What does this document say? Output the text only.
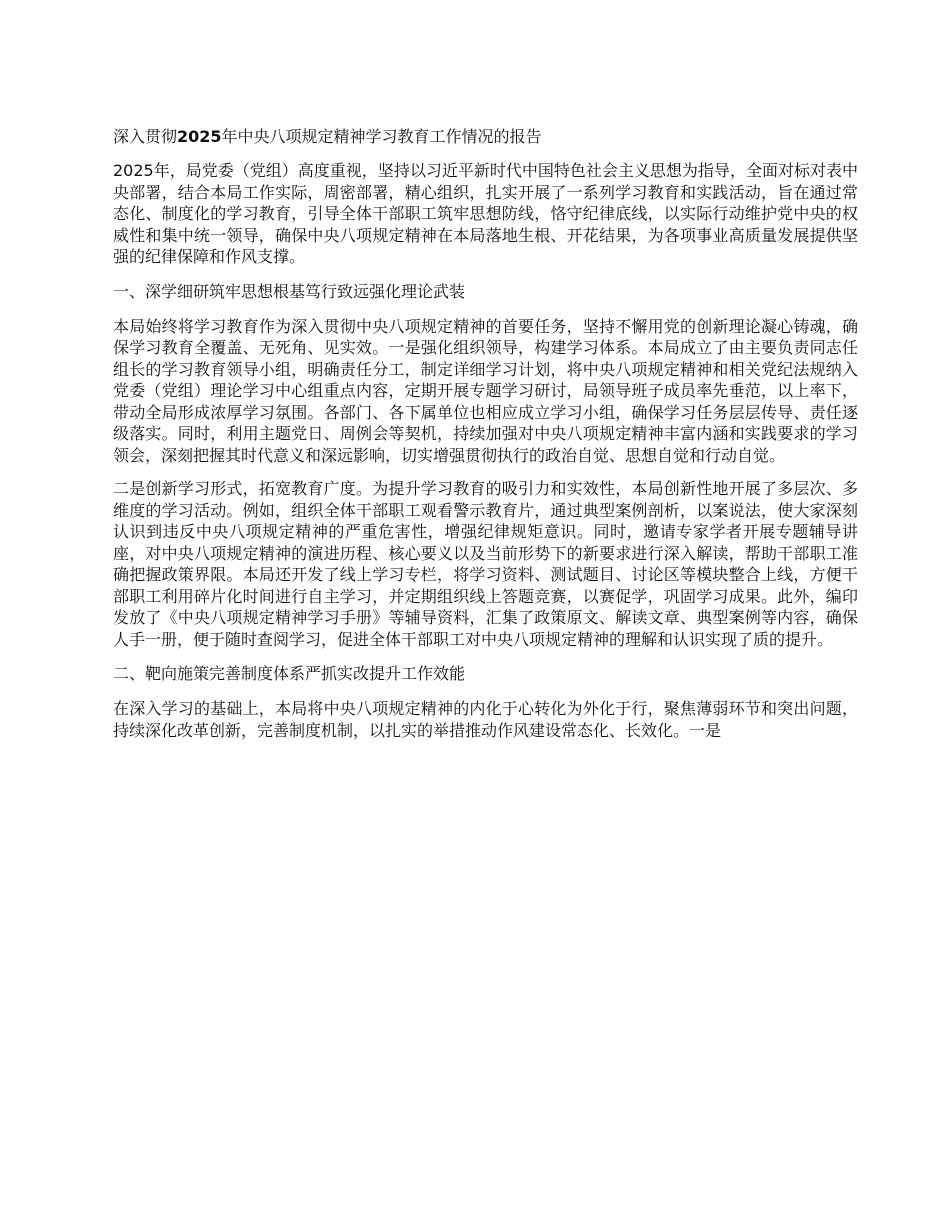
深入贯彻2025年中央八项规定精神学习教育工作情况的报告

2025年，局党委（党组）高度重视，坚持以习近平新时代中国特色社会主义思想为指导，全面对标对表中央部署，结合本局工作实际，周密部署，精心组织，扎实开展了一系列学习教育和实践活动，旨在通过常态化、制度化的学习教育，引导全体干部职工筑牢思想防线，恪守纪律底线，以实际行动维护党中央的权威性和集中统一领导，确保中央八项规定精神在本局落地生根、开花结果，为各项事业高质量发展提供坚强的纪律保障和作风支撑。

一、深学细研筑牢思想根基笃行致远强化理论武装

本局始终将学习教育作为深入贯彻中央八项规定精神的首要任务，坚持不懈用党的创新理论凝心铸魂，确保学习教育全覆盖、无死角、见实效。一是强化组织领导，构建学习体系。本局成立了由主要负责同志任组长的学习教育领导小组，明确责任分工，制定详细学习计划，将中央八项规定精神和相关党纪法规纳入党委（党组）理论学习中心组重点内容，定期开展专题学习研讨，局领导班子成员率先垂范，以上率下，带动全局形成浓厚学习氛围。各部门、各下属单位也相应成立学习小组，确保学习任务层层传导、责任逐级落实。同时，利用主题党日、周例会等契机，持续加强对中央八项规定精神丰富内涵和实践要求的学习领会，深刻把握其时代意义和深远影响，切实增强贯彻执行的政治自觉、思想自觉和行动自觉。

二是创新学习形式，拓宽教育广度。为提升学习教育的吸引力和实效性，本局创新性地开展了多层次、多维度的学习活动。例如，组织全体干部职工观看警示教育片，通过典型案例剖析，以案说法，使大家深刻认识到违反中央八项规定精神的严重危害性，增强纪律规矩意识。同时，邀请专家学者开展专题辅导讲座，对中央八项规定精神的演进历程、核心要义以及当前形势下的新要求进行深入解读，帮助干部职工准确把握政策界限。本局还开发了线上学习专栏，将学习资料、测试题目、讨论区等模块整合上线，方便干部职工利用碎片化时间进行自主学习，并定期组织线上答题竞赛，以赛促学，巩固学习成果。此外，编印发放了《中央八项规定精神学习手册》等辅导资料，汇集了政策原文、解读文章、典型案例等内容，确保人手一册，便于随时查阅学习，促进全体干部职工对中央八项规定精神的理解和认识实现了质的提升。

二、靶向施策完善制度体系严抓实改提升工作效能

在深入学习的基础上，本局将中央八项规定精神的内化于心转化为外化于行，聚焦薄弱环节和突出问题，持续深化改革创新，完善制度机制，以扎实的举措推动作风建设常态化、长效化。一是
